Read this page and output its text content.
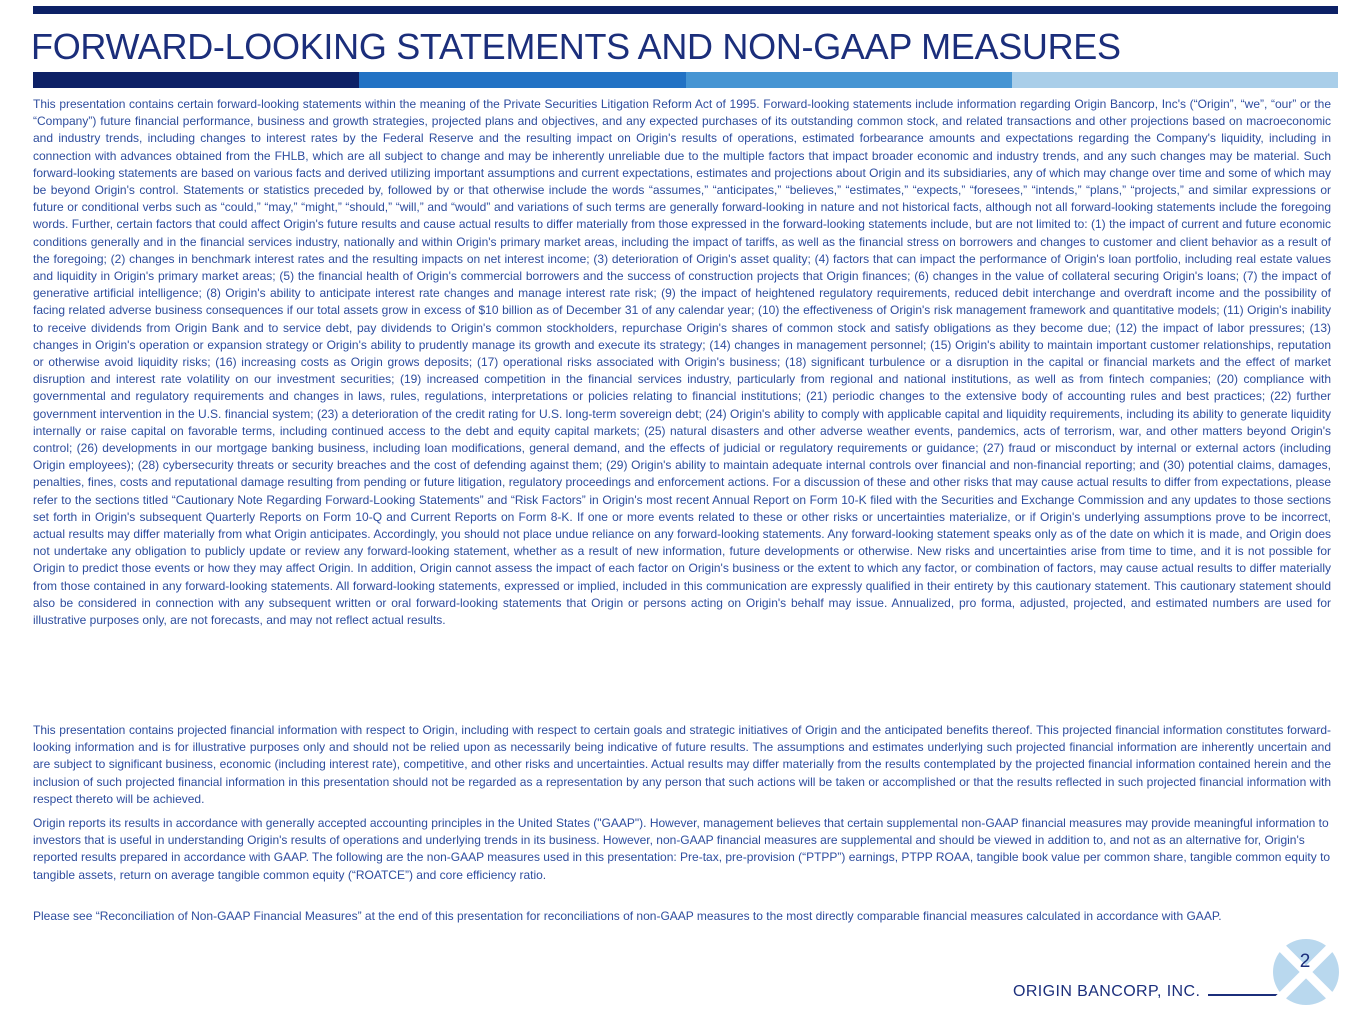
FORWARD-LOOKING STATEMENTS AND NON-GAAP MEASURES

This presentation contains certain forward-looking statements within the meaning of the Private Securities Litigation Reform Act of 1995. Forward-looking statements include information regarding Origin Bancorp, Inc's (“Origin”, “we”, “our” or the “Company”) future financial performance, business and growth strategies, projected plans and objectives, and any expected purchases of its outstanding common stock, and related transactions and other projections based on macroeconomic and industry trends, including changes to interest rates by the Federal Reserve and the resulting impact on Origin's results of operations, estimated forbearance amounts and expectations regarding the Company's liquidity, including in connection with advances obtained from the FHLB, which are all subject to change and may be inherently unreliable due to the multiple factors that impact broader economic and industry trends, and any such changes may be material. Such forward-looking statements are based on various facts and derived utilizing important assumptions and current expectations, estimates and projections about Origin and its subsidiaries, any of which may change over time and some of which may be beyond Origin's control. Statements or statistics preceded by, followed by or that otherwise include the words “assumes,” “anticipates,” “believes,” “estimates,” “expects,” “foresees,” “intends,” “plans,” “projects,” and similar expressions or future or conditional verbs such as “could,” “may,” “might,” “should,” “will,” and “would” and variations of such terms are generally forward-looking in nature and not historical facts, although not all forward-looking statements include the foregoing words. Further, certain factors that could affect Origin's future results and cause actual results to differ materially from those expressed in the forward-looking statements include, but are not limited to: (1) the impact of current and future economic conditions generally and in the financial services industry, nationally and within Origin's primary market areas, including the impact of tariffs, as well as the financial stress on borrowers and changes to customer and client behavior as a result of the foregoing; (2) changes in benchmark interest rates and the resulting impacts on net interest income; (3) deterioration of Origin's asset quality; (4) factors that can impact the performance of Origin's loan portfolio, including real estate values and liquidity in Origin's primary market areas; (5) the financial health of Origin's commercial borrowers and the success of construction projects that Origin finances; (6) changes in the value of collateral securing Origin's loans; (7) the impact of generative artificial intelligence; (8) Origin's ability to anticipate interest rate changes and manage interest rate risk; (9) the impact of heightened regulatory requirements, reduced debit interchange and overdraft income and the possibility of facing related adverse business consequences if our total assets grow in excess of $10 billion as of December 31 of any calendar year; (10) the effectiveness of Origin's risk management framework and quantitative models; (11) Origin's inability to receive dividends from Origin Bank and to service debt, pay dividends to Origin's common stockholders, repurchase Origin's shares of common stock and satisfy obligations as they become due; (12) the impact of labor pressures; (13) changes in Origin's operation or expansion strategy or Origin's ability to prudently manage its growth and execute its strategy; (14) changes in management personnel; (15) Origin's ability to maintain important customer relationships, reputation or otherwise avoid liquidity risks; (16) increasing costs as Origin grows deposits; (17) operational risks associated with Origin's business; (18) significant turbulence or a disruption in the capital or financial markets and the effect of market disruption and interest rate volatility on our investment securities; (19) increased competition in the financial services industry, particularly from regional and national institutions, as well as from fintech companies; (20) compliance with governmental and regulatory requirements and changes in laws, rules, regulations, interpretations or policies relating to financial institutions; (21) periodic changes to the extensive body of accounting rules and best practices; (22) further government intervention in the U.S. financial system; (23) a deterioration of the credit rating for U.S. long-term sovereign debt; (24) Origin's ability to comply with applicable capital and liquidity requirements, including its ability to generate liquidity internally or raise capital on favorable terms, including continued access to the debt and equity capital markets; (25) natural disasters and other adverse weather events, pandemics, acts of terrorism, war, and other matters beyond Origin's control; (26) developments in our mortgage banking business, including loan modifications, general demand, and the effects of judicial or regulatory requirements or guidance; (27) fraud or misconduct by internal or external actors (including Origin employees); (28) cybersecurity threats or security breaches and the cost of defending against them; (29) Origin's ability to maintain adequate internal controls over financial and non-financial reporting; and (30) potential claims, damages, penalties, fines, costs and reputational damage resulting from pending or future litigation, regulatory proceedings and enforcement actions. For a discussion of these and other risks that may cause actual results to differ from expectations, please refer to the sections titled “Cautionary Note Regarding Forward-Looking Statements” and “Risk Factors” in Origin's most recent Annual Report on Form 10-K filed with the Securities and Exchange Commission and any updates to those sections set forth in Origin's subsequent Quarterly Reports on Form 10-Q and Current Reports on Form 8-K. If one or more events related to these or other risks or uncertainties materialize, or if Origin's underlying assumptions prove to be incorrect, actual results may differ materially from what Origin anticipates. Accordingly, you should not place undue reliance on any forward-looking statements. Any forward-looking statement speaks only as of the date on which it is made, and Origin does not undertake any obligation to publicly update or review any forward-looking statement, whether as a result of new information, future developments or otherwise. New risks and uncertainties arise from time to time, and it is not possible for Origin to predict those events or how they may affect Origin. In addition, Origin cannot assess the impact of each factor on Origin's business or the extent to which any factor, or combination of factors, may cause actual results to differ materially from those contained in any forward-looking statements. All forward-looking statements, expressed or implied, included in this communication are expressly qualified in their entirety by this cautionary statement. This cautionary statement should also be considered in connection with any subsequent written or oral forward-looking statements that Origin or persons acting on Origin's behalf may issue. Annualized, pro forma, adjusted, projected, and estimated numbers are used for illustrative purposes only, are not forecasts, and may not reflect actual results.

This presentation contains projected financial information with respect to Origin, including with respect to certain goals and strategic initiatives of Origin and the anticipated benefits thereof. This projected financial information constitutes forward-looking information and is for illustrative purposes only and should not be relied upon as necessarily being indicative of future results. The assumptions and estimates underlying such projected financial information are inherently uncertain and are subject to significant business, economic (including interest rate), competitive, and other risks and uncertainties. Actual results may differ materially from the results contemplated by the projected financial information contained herein and the inclusion of such projected financial information in this presentation should not be regarded as a representation by any person that such actions will be taken or accomplished or that the results reflected in such projected financial information with respect thereto will be achieved.

Origin reports its results in accordance with generally accepted accounting principles in the United States ("GAAP"). However, management believes that certain supplemental non-GAAP financial measures may provide meaningful information to investors that is useful in understanding Origin's results of operations and underlying trends in its business. However, non-GAAP financial measures are supplemental and should be viewed in addition to, and not as an alternative for, Origin's reported results prepared in accordance with GAAP. The following are the non-GAAP measures used in this presentation: Pre-tax, pre-provision (“PTPP”) earnings, PTPP ROAA, tangible book value per common share, tangible common equity to tangible assets, return on average tangible common equity (“ROATCE”) and core efficiency ratio.

Please see “Reconciliation of Non-GAAP Financial Measures” at the end of this presentation for reconciliations of non-GAAP measures to the most directly comparable financial measures calculated in accordance with GAAP.

ORIGIN BANCORP, INC.
2
